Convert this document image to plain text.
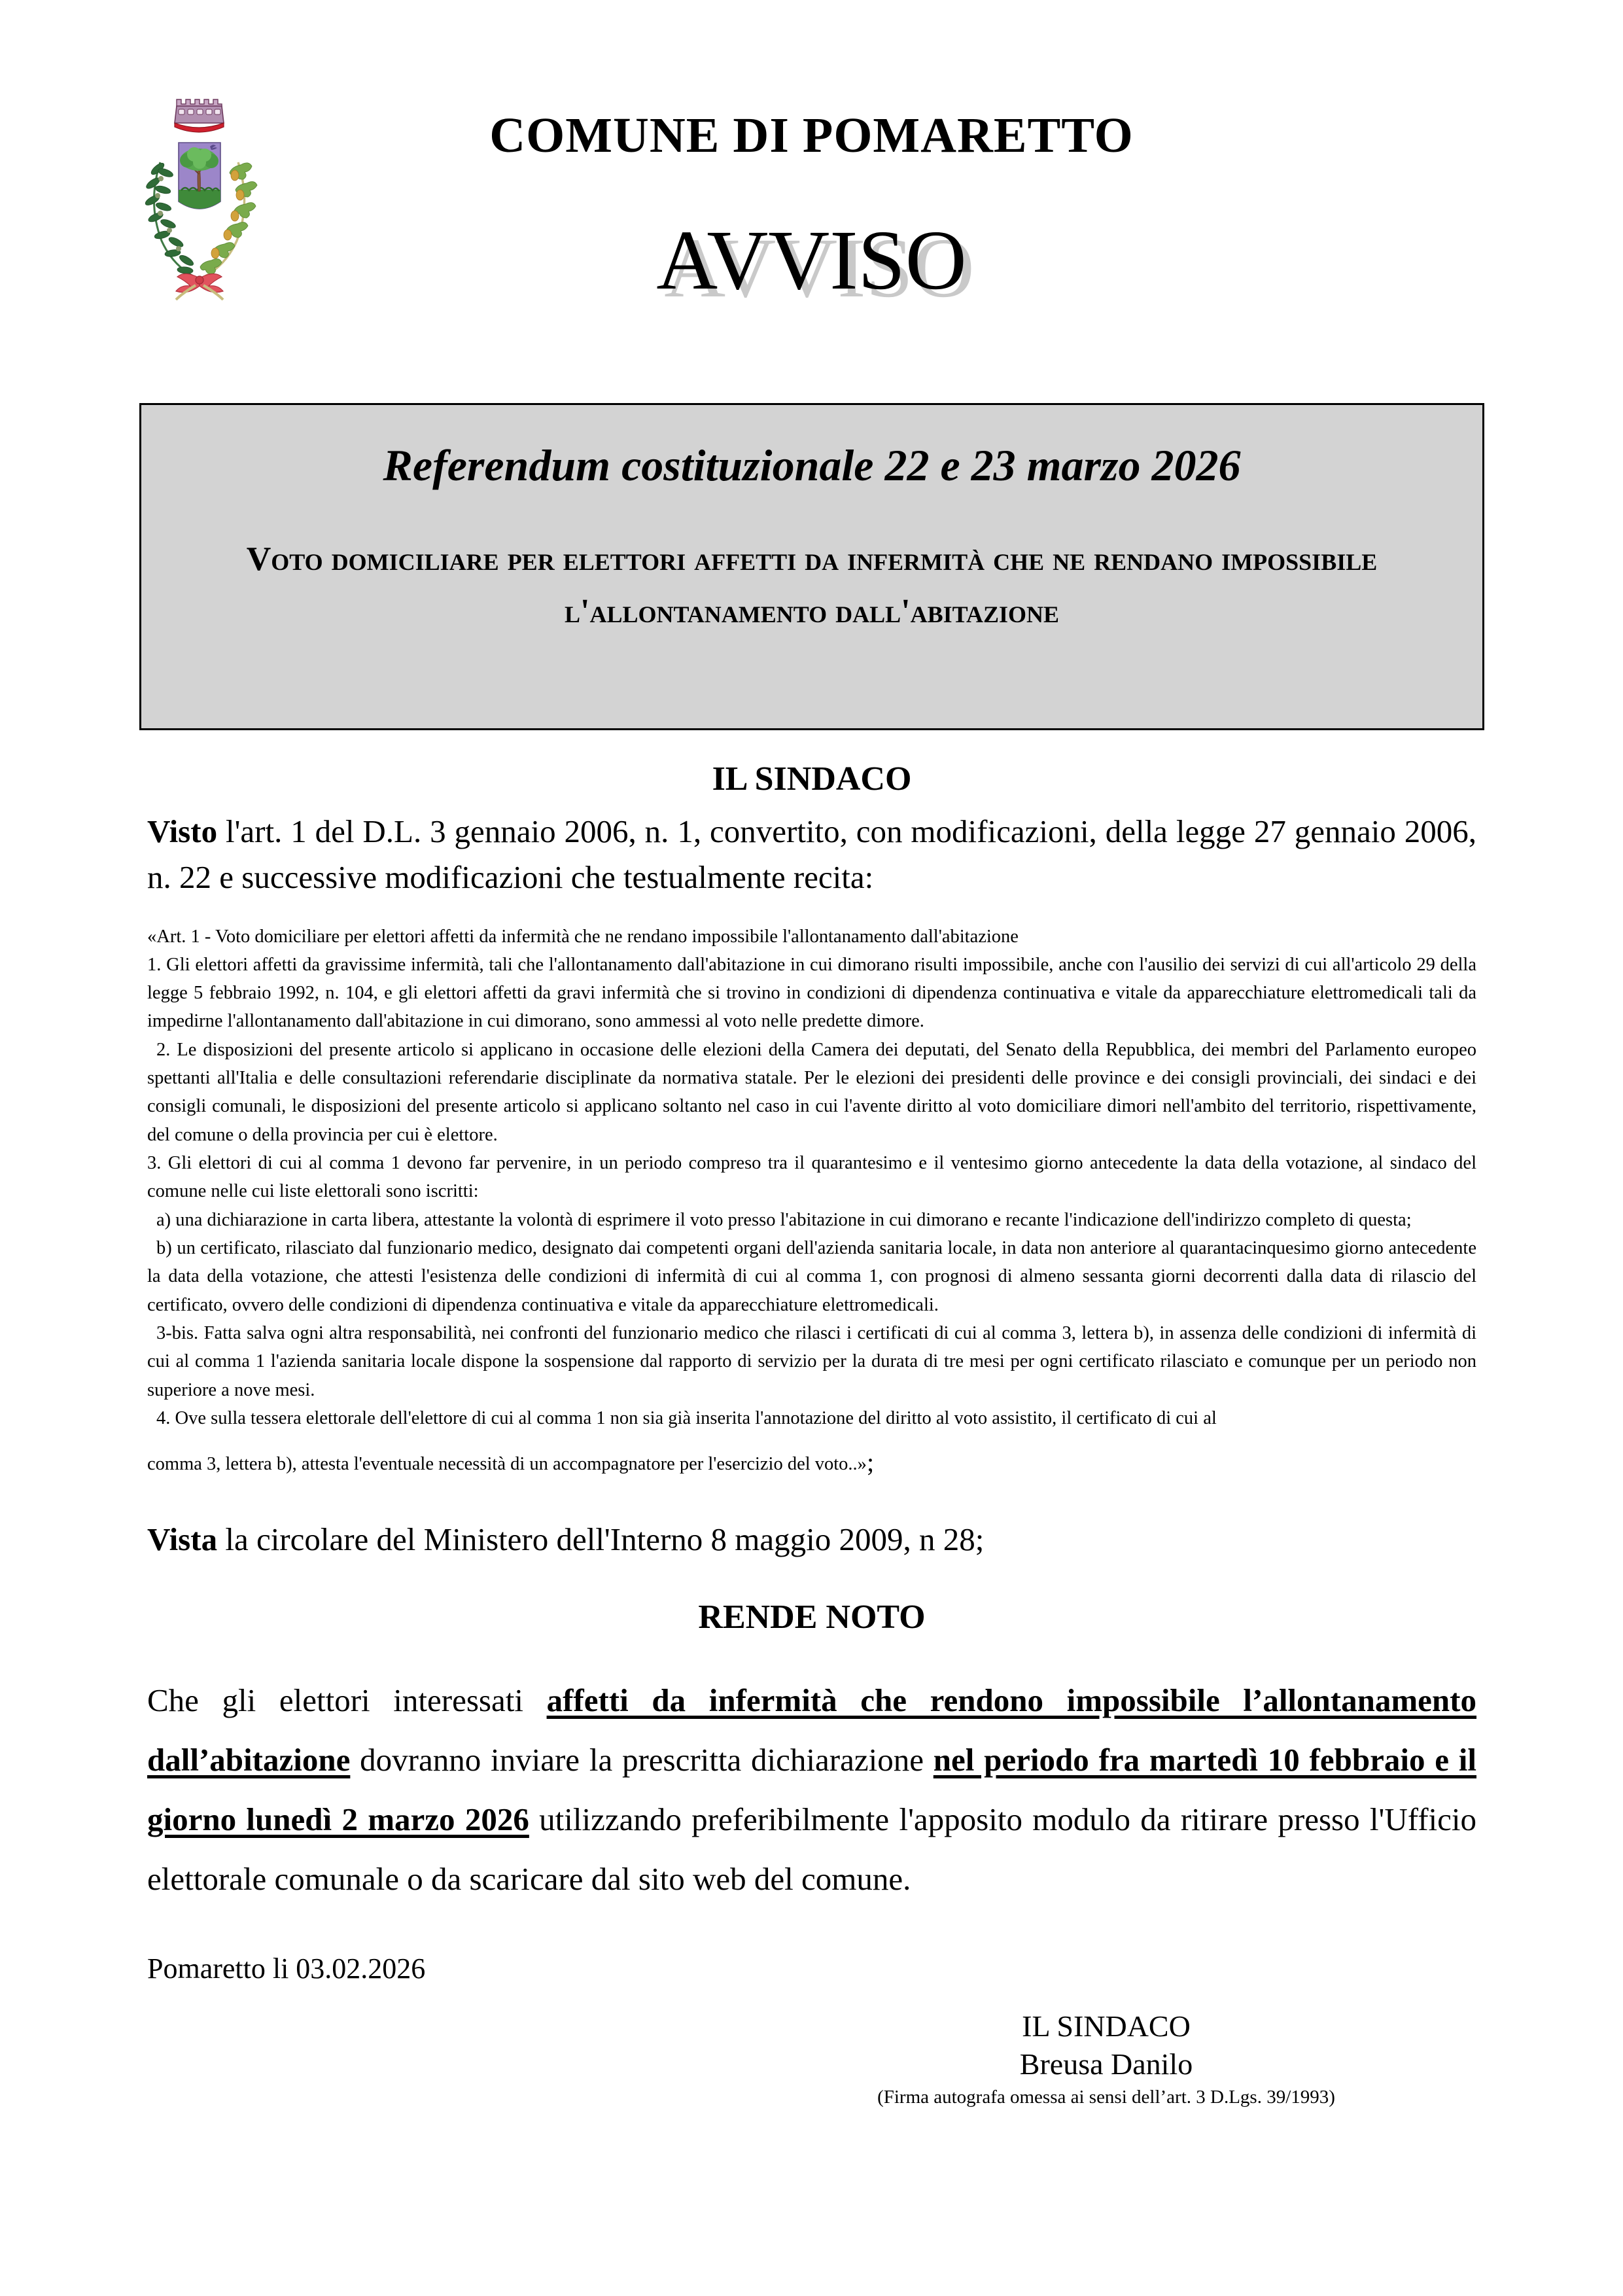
COMUNE DI POMARETTO
AVVISO
Referendum costituzionale 22 e 23 marzo 2026
Voto domiciliare per elettori affetti da infermità che ne rendano impossibile l'allontanamento dall'abitazione
IL SINDACO

Visto l'art. 1 del D.L. 3 gennaio 2006, n. 1, convertito, con modificazioni, della legge 27 gennaio 2006, n. 22 e successive modificazioni che testualmente recita:

«Art. 1 - Voto domiciliare per elettori affetti da infermità che ne rendano impossibile l'allontanamento dall'abitazione

1. Gli elettori affetti da gravissime infermità, tali che l'allontanamento dall'abitazione in cui dimorano risulti impossibile, anche con l'ausilio dei servizi di cui all'articolo 29 della legge 5 febbraio 1992, n. 104, e gli elettori affetti da gravi infermità che si trovino in condizioni di dipendenza continuativa e vitale da apparecchiature elettromedicali tali da impedirne l'allontanamento dall'abitazione in cui dimorano, sono ammessi al voto nelle predette dimore.

2. Le disposizioni del presente articolo si applicano in occasione delle elezioni della Camera dei deputati, del Senato della Repubblica, dei membri del Parlamento europeo spettanti all'Italia e delle consultazioni referendarie disciplinate da normativa statale. Per le elezioni dei presidenti delle province e dei consigli provinciali, dei sindaci e dei consigli comunali, le disposizioni del presente articolo si applicano soltanto nel caso in cui l'avente diritto al voto domiciliare dimori nell'ambito del territorio, rispettivamente, del comune o della provincia per cui è elettore.

3. Gli elettori di cui al comma 1 devono far pervenire, in un periodo compreso tra il quarantesimo e il ventesimo giorno antecedente la data della votazione, al sindaco del comune nelle cui liste elettorali sono iscritti:

a) una dichiarazione in carta libera, attestante la volontà di esprimere il voto presso l'abitazione in cui dimorano e recante l'indicazione dell'indirizzo completo di questa;

b) un certificato, rilasciato dal funzionario medico, designato dai competenti organi dell'azienda sanitaria locale, in data non anteriore al quarantacinquesimo giorno antecedente la data della votazione, che attesti l'esistenza delle condizioni di infermità di cui al comma 1, con prognosi di almeno sessanta giorni decorrenti dalla data di rilascio del certificato, ovvero delle condizioni di dipendenza continuativa e vitale da apparecchiature elettromedicali.

3-bis. Fatta salva ogni altra responsabilità, nei confronti del funzionario medico che rilasci i certificati di cui al comma 3, lettera b), in assenza delle condizioni di infermità di cui al comma 1 l'azienda sanitaria locale dispone la sospensione dal rapporto di servizio per la durata di tre mesi per ogni certificato rilasciato e comunque per un periodo non superiore a nove mesi.

4. Ove sulla tessera elettorale dell'elettore di cui al comma 1 non sia già inserita l'annotazione del diritto al voto assistito, il certificato di cui al

comma 3, lettera b), attesta l'eventuale necessità di un accompagnatore per l'esercizio del voto..»;

Vista la circolare del Ministero dell'Interno 8 maggio 2009, n 28;

RENDE NOTO

Che gli elettori interessati affetti da infermità che rendono impossibile l’allontanamento dall’abitazione dovranno inviare la prescritta dichiarazione nel periodo fra martedì 10 febbraio e il giorno lunedì 2 marzo 2026 utilizzando preferibilmente l'apposito modulo da ritirare presso l'Ufficio elettorale comunale o da scaricare dal sito web del comune.

Pomaretto li 03.02.2026

IL SINDACO
Breusa Danilo
(Firma autografa omessa ai sensi dell’art. 3 D.Lgs. 39/1993)
